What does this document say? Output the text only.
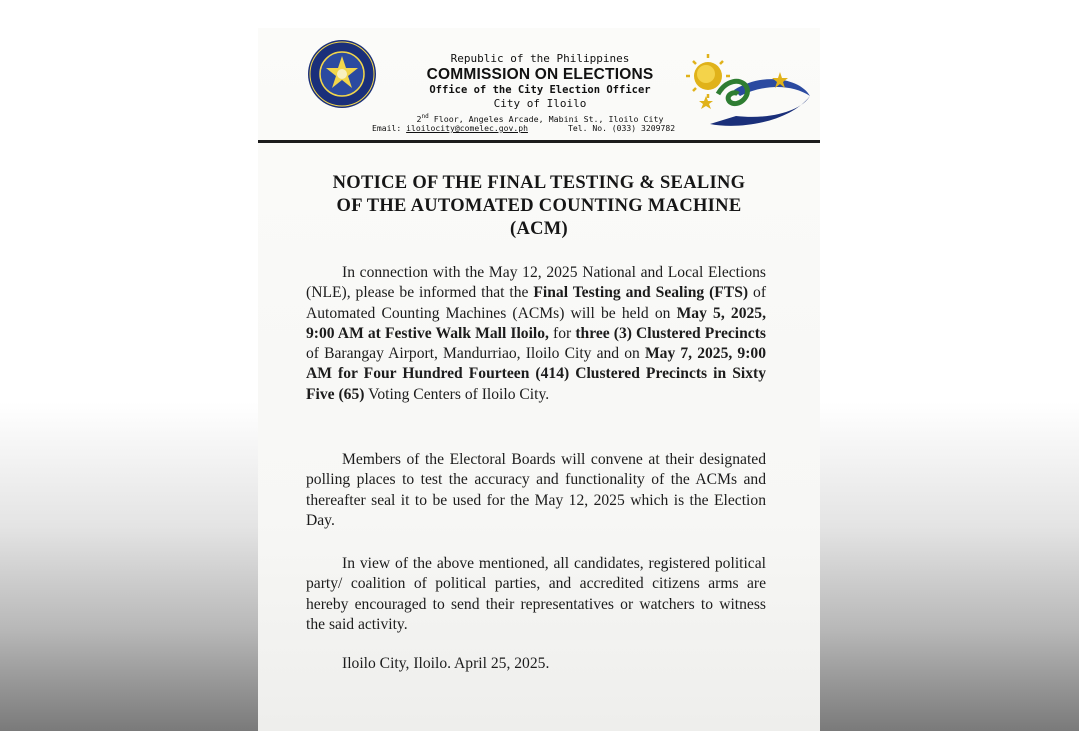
Republic of the Philippines
COMMISSION ON ELECTIONS
Office of the City Election Officer
City of Iloilo
2nd Floor, Angeles Arcade, Mabini St., Iloilo City
Email: iloilocity@comelec.gov.ph	Tel. No. (033) 3209782
NOTICE OF THE FINAL TESTING & SEALING
OF THE AUTOMATED COUNTING MACHINE
(ACM)
In connection with the May 12, 2025 National and Local Elections (NLE), please be informed that the Final Testing and Sealing (FTS) of Automated Counting Machines (ACMs) will be held on May 5, 2025, 9:00 AM at Festive Walk Mall Iloilo, for three (3) Clustered Precincts of Barangay Airport, Mandurriao, Iloilo City and on May 7, 2025, 9:00 AM for Four Hundred Fourteen (414) Clustered Precincts in Sixty Five (65) Voting Centers of Iloilo City.
Members of the Electoral Boards will convene at their designated polling places to test the accuracy and functionality of the ACMs and thereafter seal it to be used for the May 12, 2025 which is the Election Day.
In view of the above mentioned, all candidates, registered political party/ coalition of political parties, and accredited citizens arms are hereby encouraged to send their representatives or watchers to witness the said activity.
Iloilo City, Iloilo. April 25, 2025.
